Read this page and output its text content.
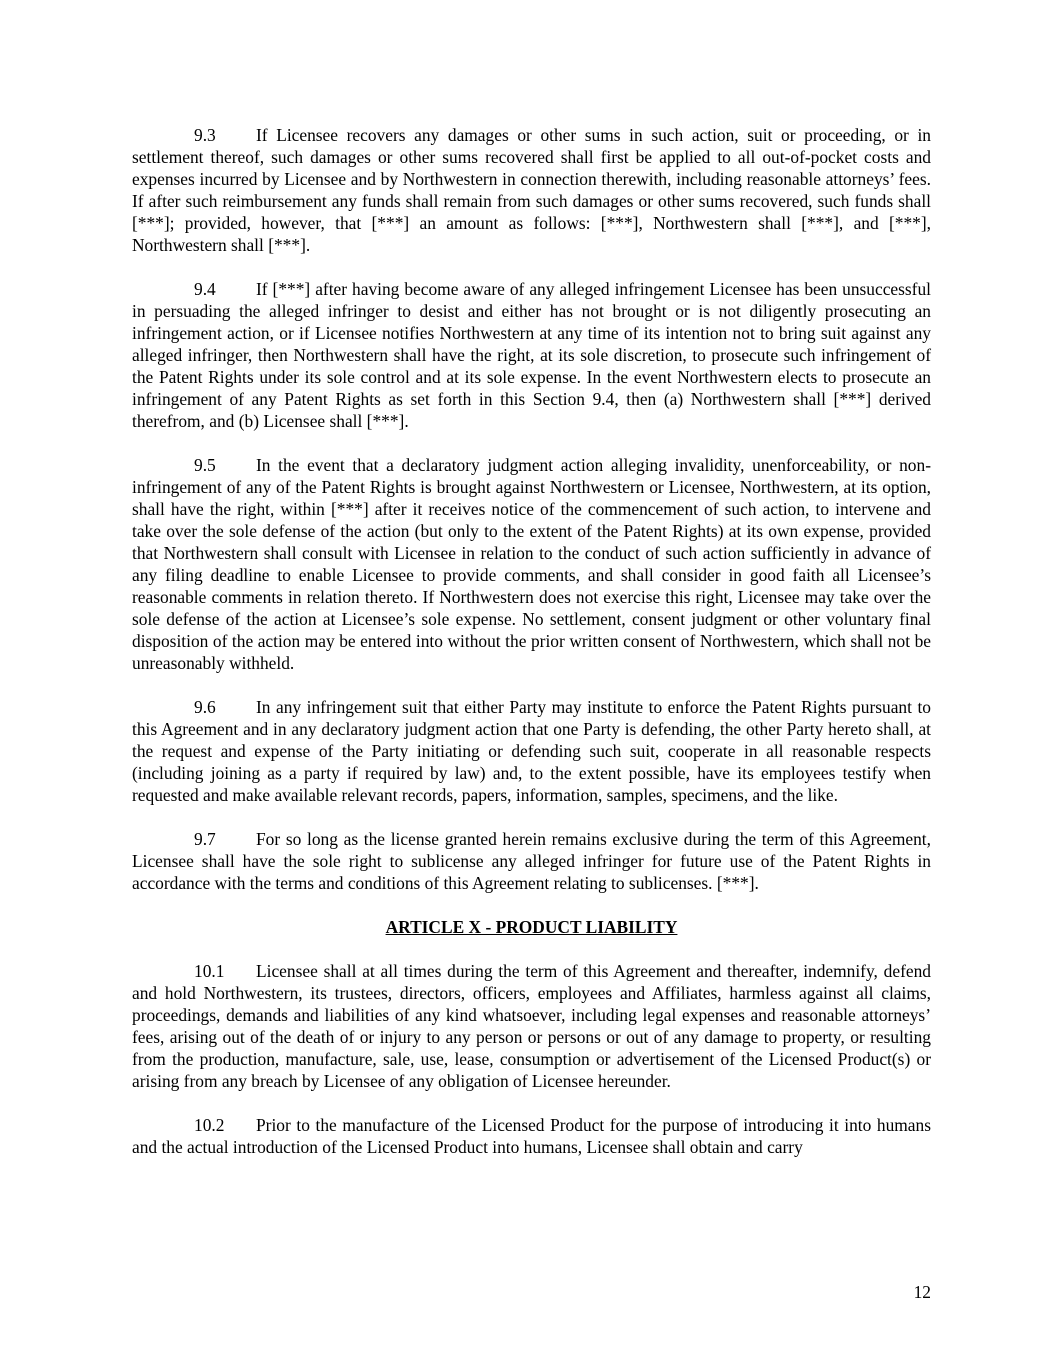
9.3 If Licensee recovers any damages or other sums in such action, suit or proceeding, or in settlement thereof, such damages or other sums recovered shall first be applied to all out-of-pocket costs and expenses incurred by Licensee and by Northwestern in connection therewith, including reasonable attorneys’ fees. If after such reimbursement any funds shall remain from such damages or other sums recovered, such funds shall [***]; provided, however, that [***] an amount as follows: [***], Northwestern shall [***], and [***], Northwestern shall [***].

9.4 If [***] after having become aware of any alleged infringement Licensee has been unsuccessful in persuading the alleged infringer to desist and either has not brought or is not diligently prosecuting an infringement action, or if Licensee notifies Northwestern at any time of its intention not to bring suit against any alleged infringer, then Northwestern shall have the right, at its sole discretion, to prosecute such infringement of the Patent Rights under its sole control and at its sole expense. In the event Northwestern elects to prosecute an infringement of any Patent Rights as set forth in this Section 9.4, then (a) Northwestern shall [***] derived therefrom, and (b) Licensee shall [***].

9.5 In the event that a declaratory judgment action alleging invalidity, unenforceability, or non-infringement of any of the Patent Rights is brought against Northwestern or Licensee, Northwestern, at its option, shall have the right, within [***] after it receives notice of the commencement of such action, to intervene and take over the sole defense of the action (but only to the extent of the Patent Rights) at its own expense, provided that Northwestern shall consult with Licensee in relation to the conduct of such action sufficiently in advance of any filing deadline to enable Licensee to provide comments, and shall consider in good faith all Licensee’s reasonable comments in relation thereto. If Northwestern does not exercise this right, Licensee may take over the sole defense of the action at Licensee’s sole expense. No settlement, consent judgment or other voluntary final disposition of the action may be entered into without the prior written consent of Northwestern, which shall not be unreasonably withheld.

9.6 In any infringement suit that either Party may institute to enforce the Patent Rights pursuant to this Agreement and in any declaratory judgment action that one Party is defending, the other Party hereto shall, at the request and expense of the Party initiating or defending such suit, cooperate in all reasonable respects (including joining as a party if required by law) and, to the extent possible, have its employees testify when requested and make available relevant records, papers, information, samples, specimens, and the like.

9.7 For so long as the license granted herein remains exclusive during the term of this Agreement, Licensee shall have the sole right to sublicense any alleged infringer for future use of the Patent Rights in accordance with the terms and conditions of this Agreement relating to sublicenses. [***].

ARTICLE X - PRODUCT LIABILITY

10.1 Licensee shall at all times during the term of this Agreement and thereafter, indemnify, defend and hold Northwestern, its trustees, directors, officers, employees and Affiliates, harmless against all claims, proceedings, demands and liabilities of any kind whatsoever, including legal expenses and reasonable attorneys’ fees, arising out of the death of or injury to any person or persons or out of any damage to property, or resulting from the production, manufacture, sale, use, lease, consumption or advertisement of the Licensed Product(s) or arising from any breach by Licensee of any obligation of Licensee hereunder.

10.2 Prior to the manufacture of the Licensed Product for the purpose of introducing it into humans and the actual introduction of the Licensed Product into humans, Licensee shall obtain and carry

12
